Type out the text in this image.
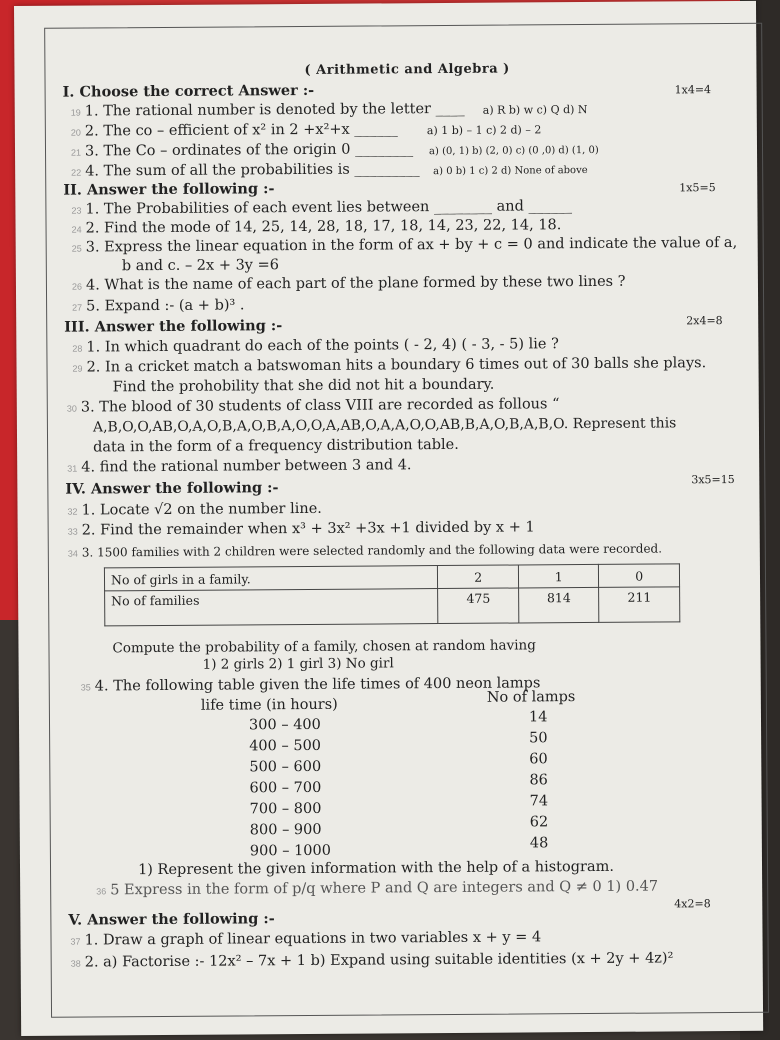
( Arithmetic and Algebra )
I. Choose the correct Answer :-	1x4=4
19 1. The rational number is denoted by the letter ____ a) R b) w c) Q d) N
20 2. The co – efficient of x² in 2 +x²+x ______	a) 1 b) – 1 c) 2 d) – 2
21 3. The Co – ordinates of the origin 0 ________ a) (0, 1) b) (2, 0) c) (0 ,0) d) (1, 0)
22 4. The sum of all the probabilities is _________ a) 0 b) 1 c) 2 d) None of above
II. Answer the following :-	1x5=5
23 1. The Probabilities of each event lies between ________ and ______
24 2. Find the mode of 14, 25, 14, 28, 18, 17, 18, 14, 23, 22, 14, 18.
25 3. Express the linear equation in the form of ax + by + c = 0 and indicate the value of a,
b and c. – 2x + 3y =6
26 4. What is the name of each part of the plane formed by these two lines ?
27 5. Expand :- (a + b)³ .
III. Answer the following :-	2x4=8
28 1. In which quadrant do each of the points ( - 2, 4) ( - 3, - 5) lie ?
29 2. In a cricket match a batswoman hits a boundary 6 times out of 30 balls she plays.
Find the prohobility that she did not hit a boundary.
30 3. The blood of 30 students of class VIII are recorded as follous “
A,B,O,O,AB,O,A,O,B,A,O,B,A,O,O,A,AB,O,A,A,O,O,AB,B,A,O,B,A,B,O. Represent this
data in the form of a frequency distribution table.
31 4. find the rational number between 3 and 4.
IV. Answer the following :-	3x5=15
32 1. Locate √2 on the number line.
33 2. Find the remainder when x³ + 3x² +3x +1 divided by x + 1
34 3. 1500 families with 2 children were selected randomly and the following data were recorded.
No of girls in a family.	2	1	0
No of families	475	814	211
Compute the probability of a family, chosen at random having
1) 2 girls 2) 1 girl 3) No girl
35 4. The following table given the life times of 400 neon lamps
life time (in hours)	No of lamps
300 – 400	14
400 – 500	50
500 – 600	60
600 – 700	86
700 – 800	74
800 – 900	62
900 – 1000	48
1) Represent the given information with the help of a histogram.
36 5 Express in the form of p/q where P and Q are integers and Q ≠ 0 1) 0.47
V. Answer the following :-
4x2=8
37 1. Draw a graph of linear equations in two variables x + y = 4
38 2. a) Factorise :- 12x² – 7x + 1 b) Expand using suitable identities (x + 2y + 4z)²
